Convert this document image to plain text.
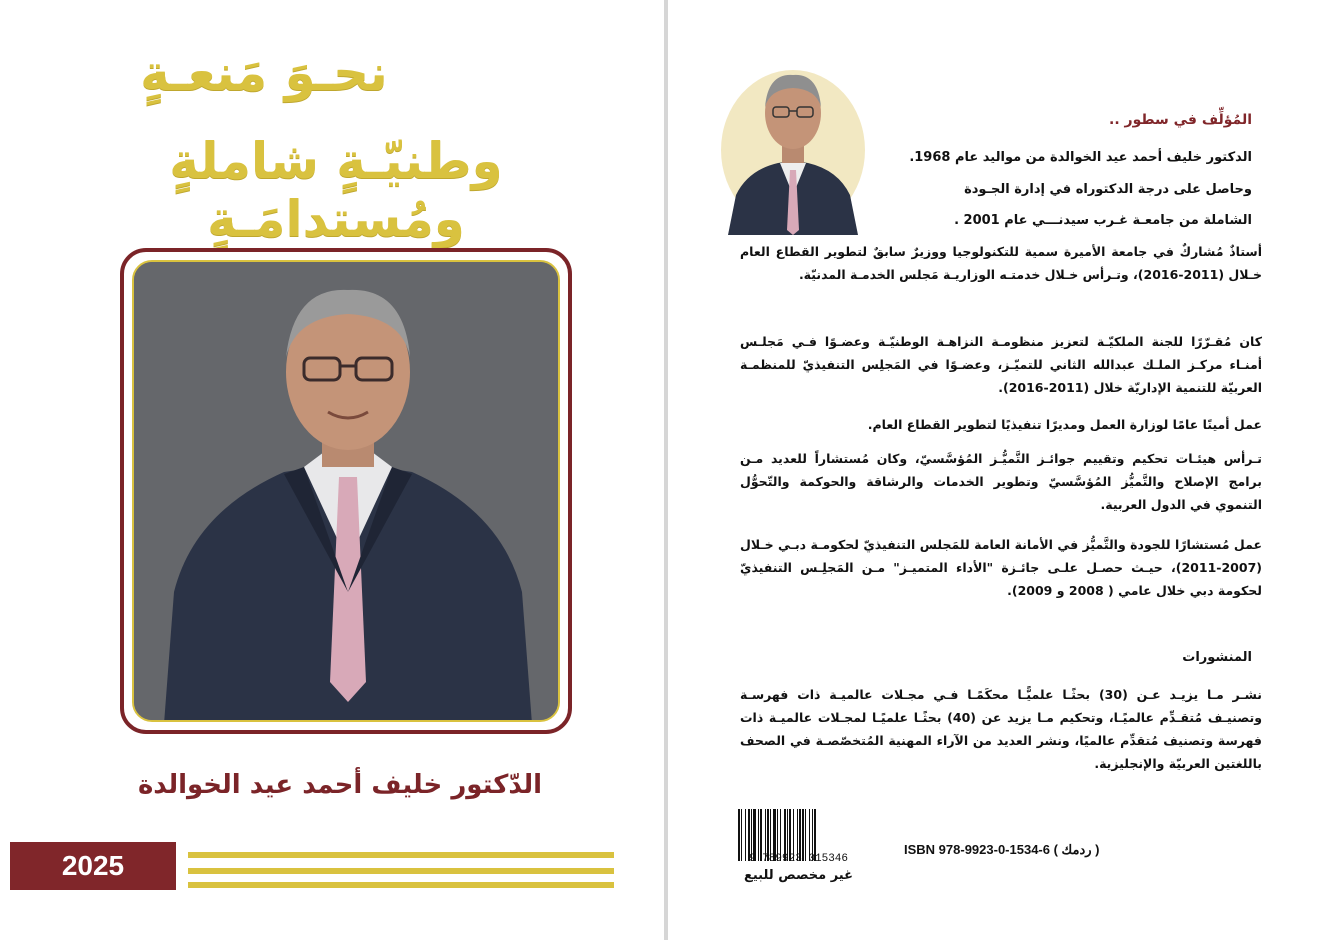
نحـوَ مَنعـةٍ
وطنيّـةٍ شاملةٍ ومُستدامَـةٍ
الدّكتور خليف أحمد عيد الخوالدة
2025
المُؤلِّف في سطور ..
الدكتور خليف أحمد عيد الخوالدة من مواليد عام 1968.
وحاصل على درجة الدكتوراه في إدارة الجـودة
الشاملة من جامعـة غـرب سيدنـــي عام 2001 .
أستاذٌ مُشاركٌ في جامعة الأميرة سمية للتكنولوجيا ووزيرٌ سابقٌ لتطوير القطاع العام خـلال (2011-2016)، وتـرأس خـلال خدمتـه الوزاريـة مَجلس الخدمـة المدنيّة.
كان مُقـرّرًا للجنة الملكيّـة لتعزيز منظومـة النزاهـة الوطنيّـة وعضـوًا فـي مَجلـس أمنـاء مركـز الملـك عبدالله الثاني للتميّـز، وعضـوًا في المَجلِس التنفيذيّ للمنظمـة العربيّة للتنمية الإداريّة خلال (2011-2016).
عمل أمينًا عامًا لوزارة العمل ومديرًا تنفيذيًا لتطوير القطاع العام.
تـرأس هيئـات تحكيم وتقييم جوائـز التَّميُّـز المُؤسَّسيّ، وكان مُستشاراً للعديد مـن برامج الإصلاح والتَّميُّز المُؤسَّسيّ وتطوير الخدمات والرشاقة والحوكمة والتّحوُّل التنموي في الدول العربية.
عمل مُستشارًا للجودة والتَّميُّز في الأمانة العامة للمَجلس التنفيذيّ لحكومـة دبـي خـلال (2007-2011)، حيـث حصـل علـى جائـزة "الأداء المتميـز" مـن المَجلِـس التنفيذيّ لحكومة دبي خلال عامي ( 2008 و 2009).
المنشورات
نشـر مـا يزيـد عـن (30) بحثًـا علميًّـا محكَمًـا فـي مجـلات عالميـة ذات فهرسـة وتصنيـف مُتقـدِّم عالميًـا، وتحكيم مـا يزيد عن (40) بحثًـا علميًـا لمجـلات عالميـة ذات فهرسة وتصنيف مُتقدِّم عالميًا، ونشر العديد من الآراء المهنية المُتخصّصـة في الصحف باللغتين العربيّة والإنجليزية.
9 789923 015346
غير مخصص للبيع
ISBN 978-9923-0-1534-6 ( ردمك )
